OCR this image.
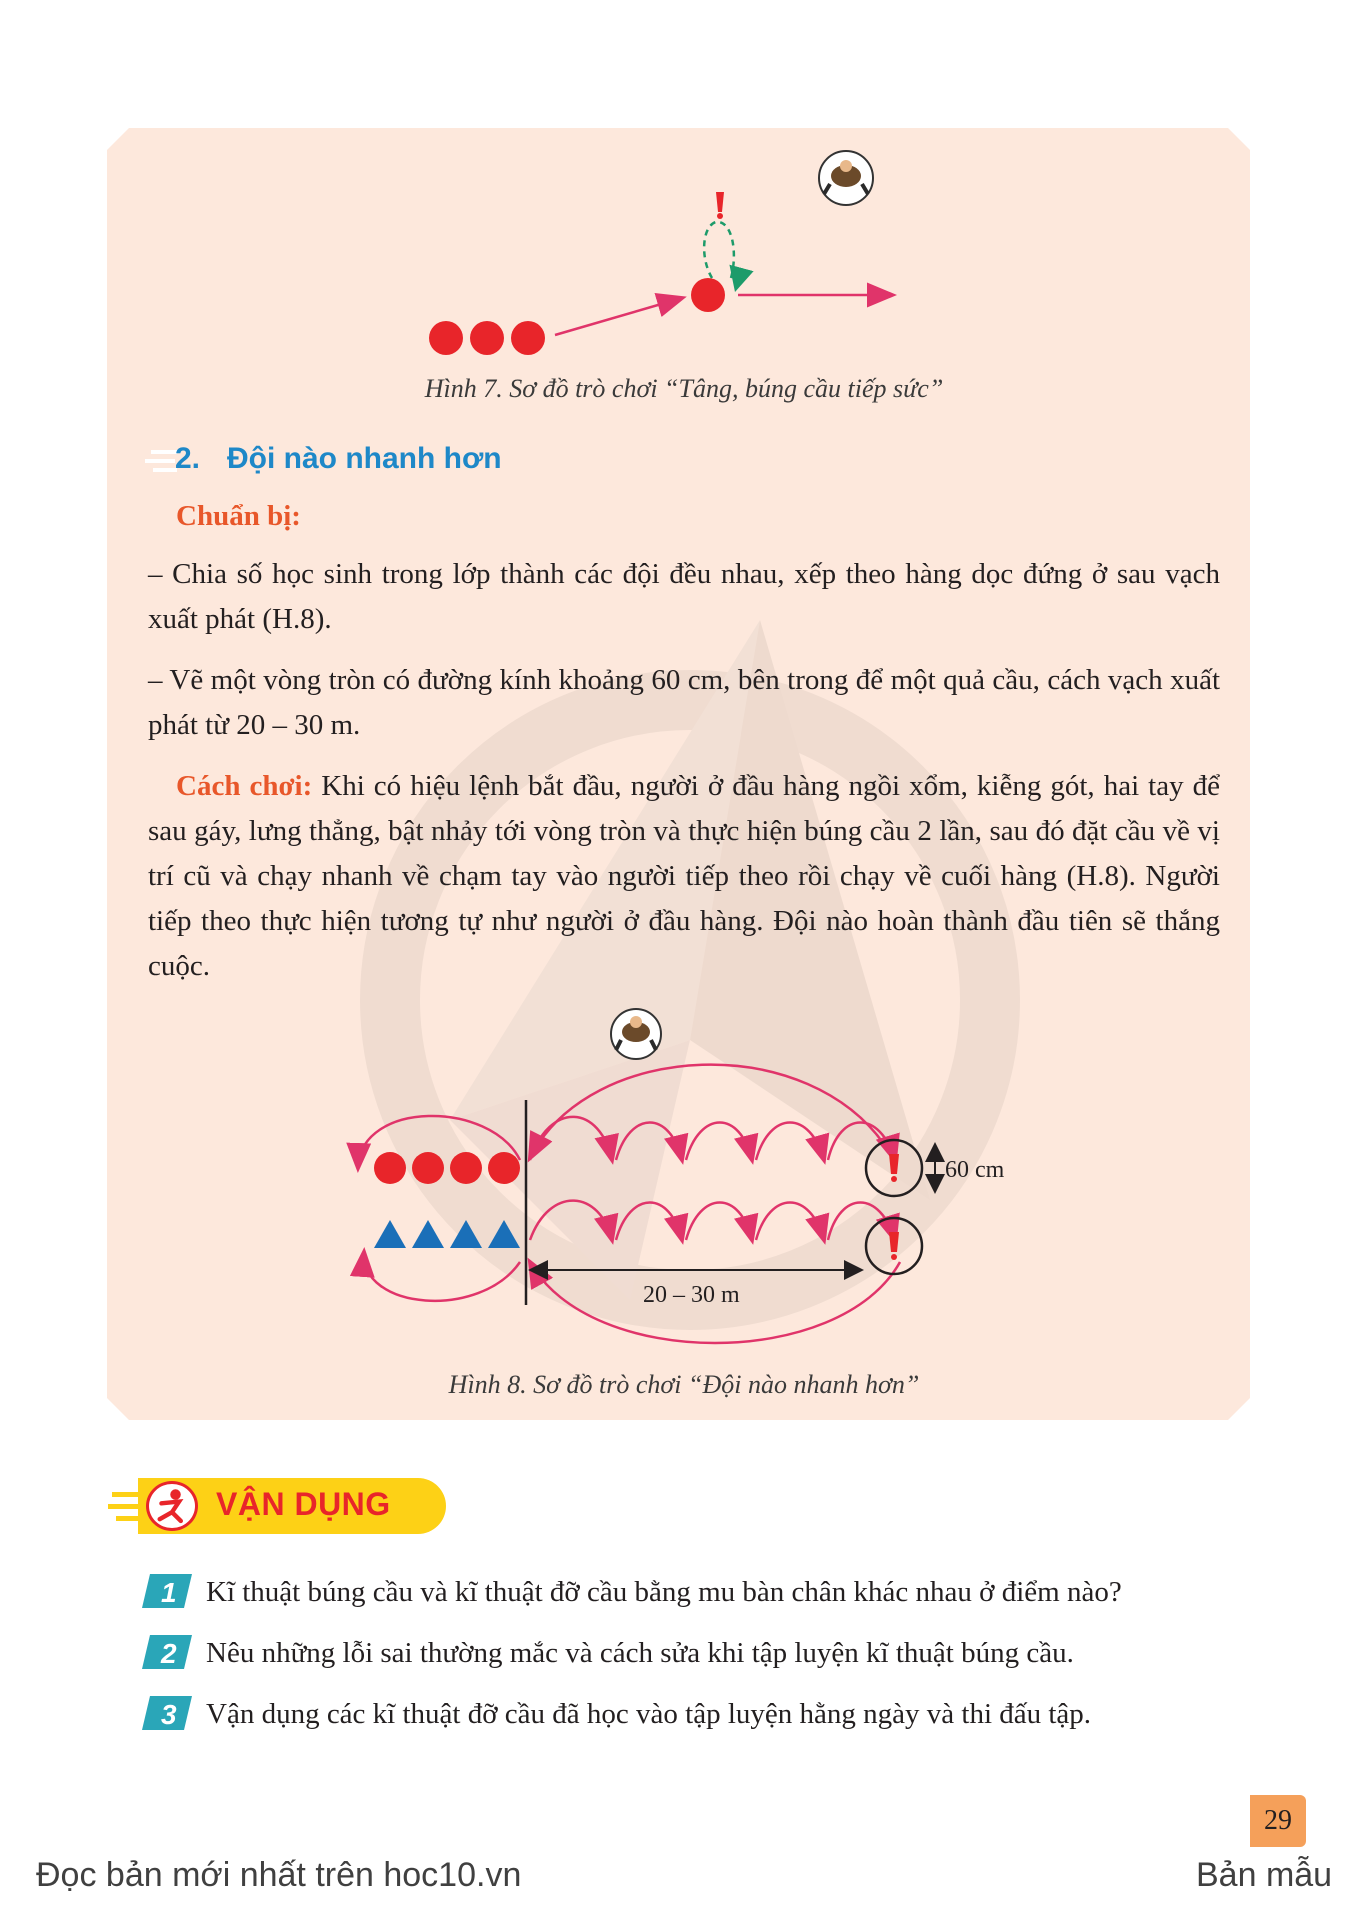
Hình 7. Sơ đồ trò chơi “Tâng, búng cầu tiếp sức”
2. Đội nào nhanh hơn
Chuẩn bị:
– Chia số học sinh trong lớp thành các đội đều nhau, xếp theo hàng dọc đứng ở sau vạch xuất phát (H.8).
– Vẽ một vòng tròn có đường kính khoảng 60 cm, bên trong để một quả cầu, cách vạch xuất phát từ 20 – 30 m.
Cách chơi: Khi có hiệu lệnh bắt đầu, người ở đầu hàng ngồi xổm, kiễng gót, hai tay để sau gáy, lưng thẳng, bật nhảy tới vòng tròn và thực hiện búng cầu 2 lần, sau đó đặt cầu về vị trí cũ và chạy nhanh về chạm tay vào người tiếp theo rồi chạy về cuối hàng (H.8). Người tiếp theo thực hiện tương tự như người ở đầu hàng. Đội nào hoàn thành đầu tiên sẽ thắng cuộc.
60 cm
20 – 30 m
Hình 8. Sơ đồ trò chơi “Đội nào nhanh hơn”
VẬN DỤNG
1 Kĩ thuật búng cầu và kĩ thuật đỡ cầu bằng mu bàn chân khác nhau ở điểm nào?
2 Nêu những lỗi sai thường mắc và cách sửa khi tập luyện kĩ thuật búng cầu.
3 Vận dụng các kĩ thuật đỡ cầu đã học vào tập luyện hằng ngày và thi đấu tập.
29
Đọc bản mới nhất trên hoc10.vn	Bản mẫu
